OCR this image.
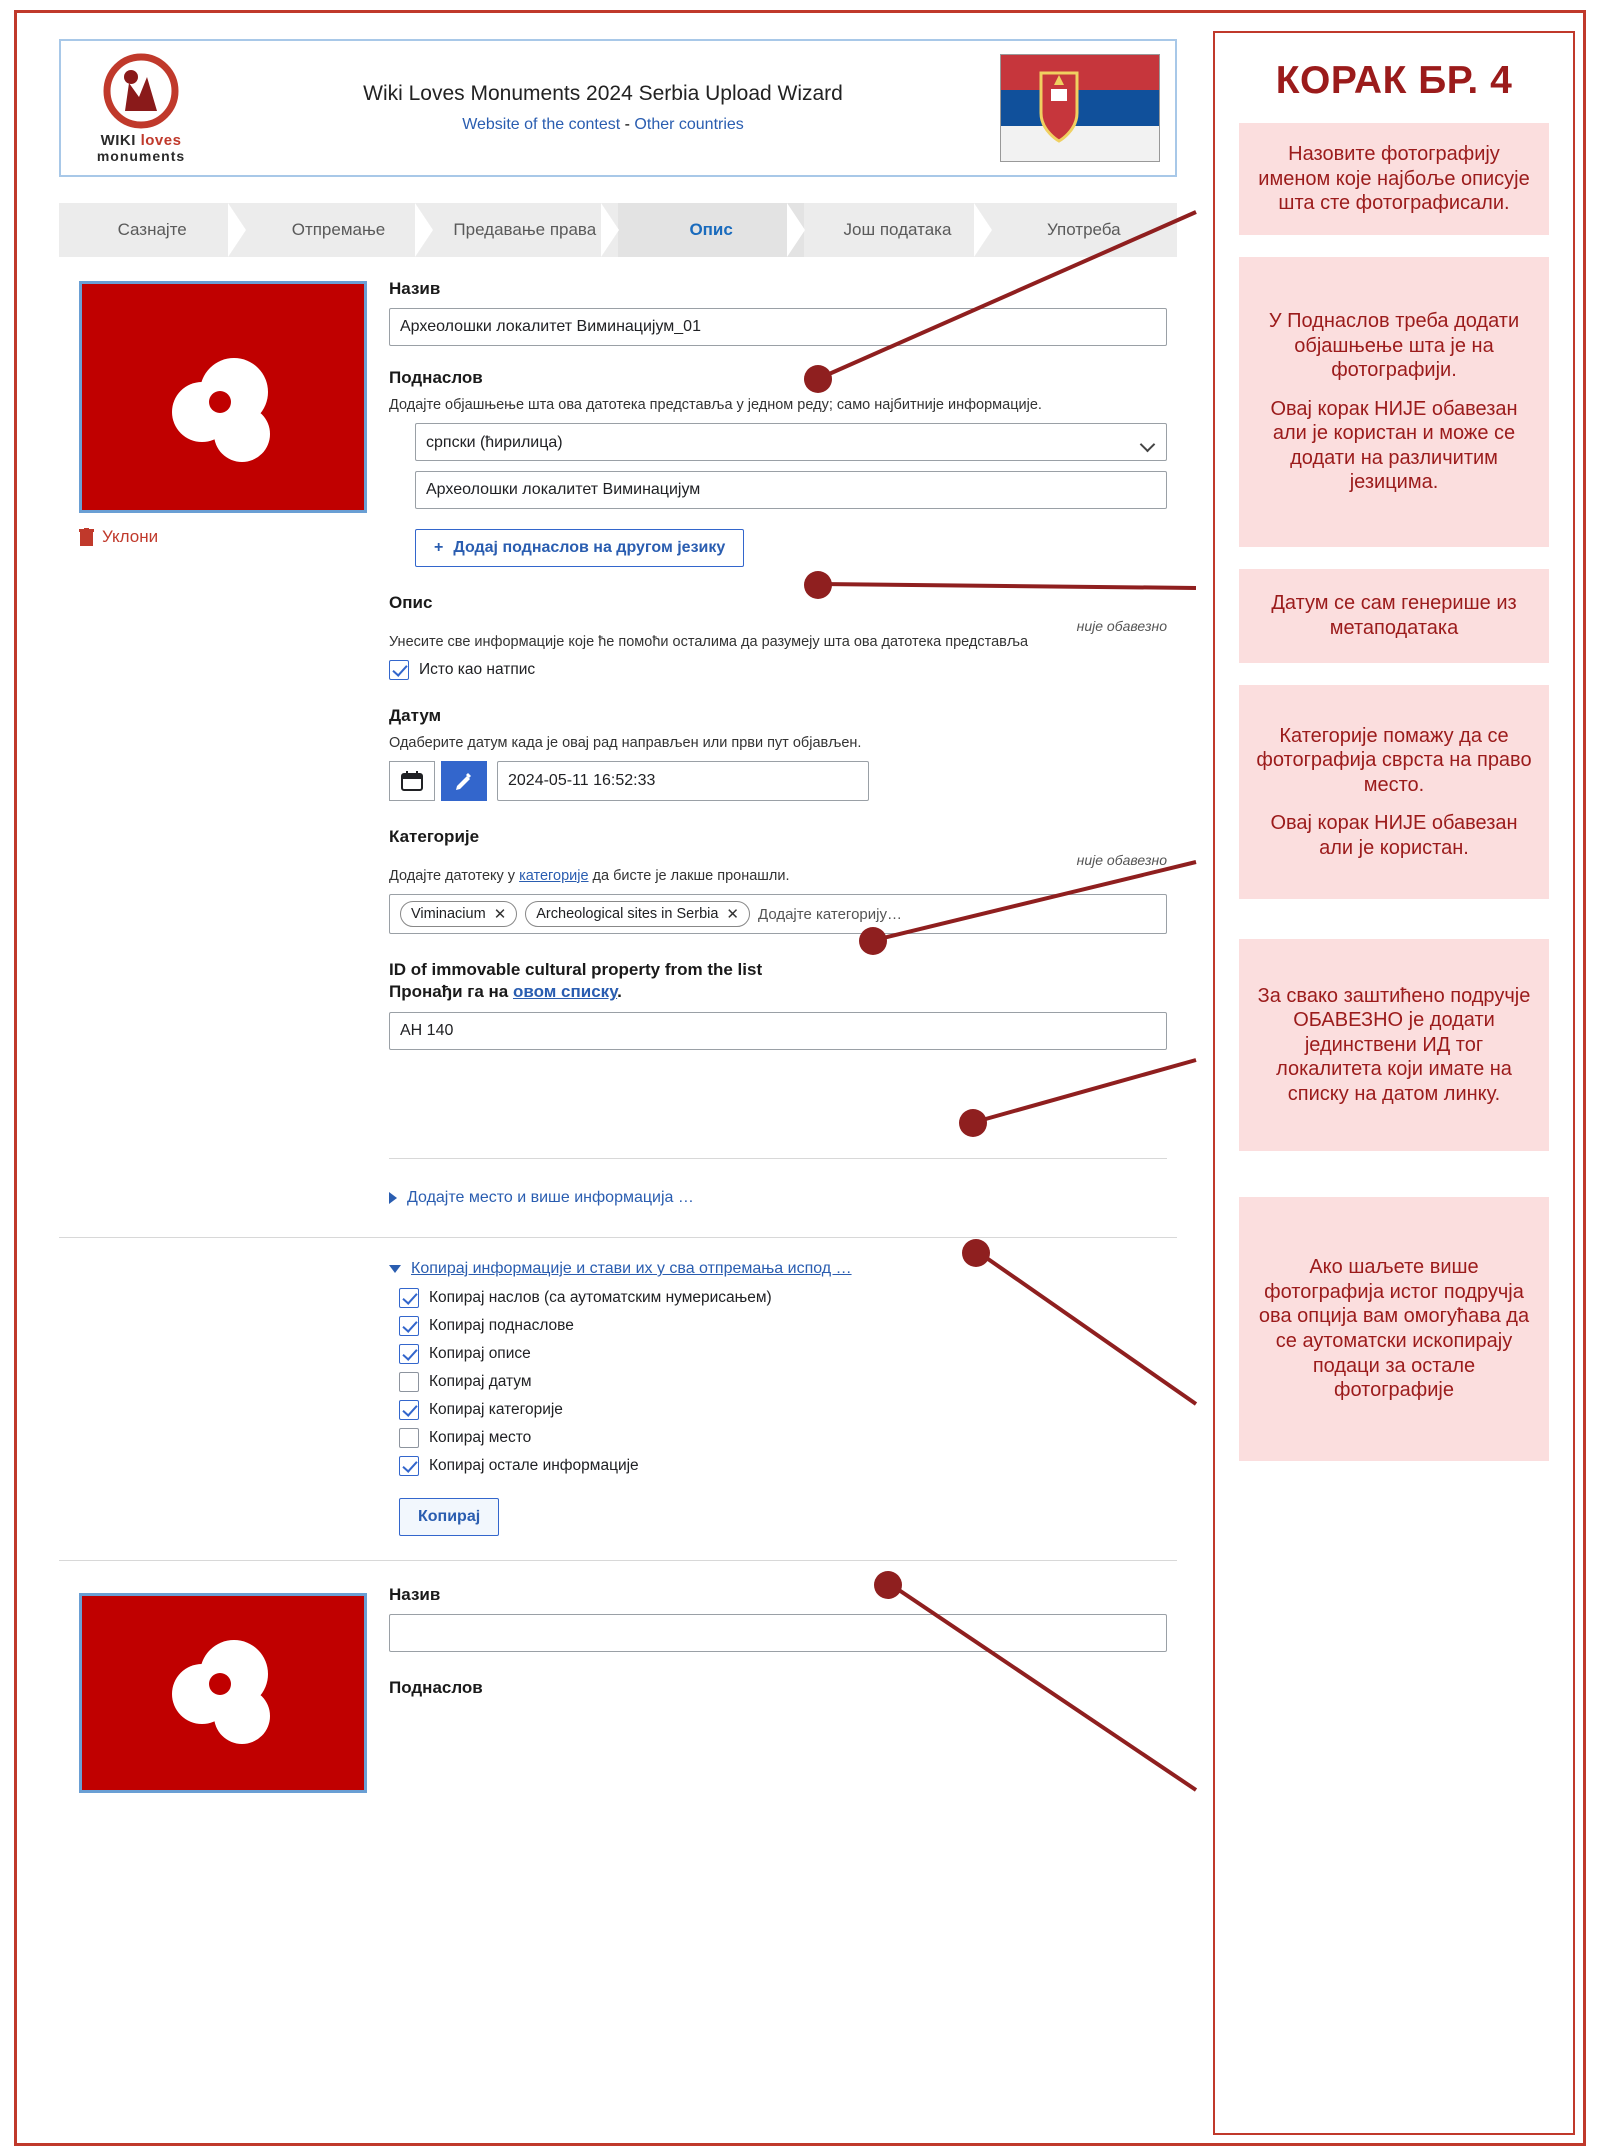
WIKI loves
monuments
Wiki Loves Monuments 2024 Serbia Upload Wizard
Website of the contest - Other countries
Сазнајте	Отпремање	Предавање права	Опис	Још података	Употреба
Уклони
Назив
Археолошки локалитет Виминацијум_01
Поднаслов
Додајте објашњење шта ова датотека представља у једном реду; само најбитније информације.
српски (ћирилица)
Археолошки локалитет Виминацијум
+ Додај поднаслов на другом језику
Опис
није обавезно
Унесите све информације које ће помоћи осталима да разумеју шта ова датотека представља
Исто као натпис
Датум
Одаберите датум када је овај рад направљен или први пут објављен.
2024-05-11 16:52:33
Категорије
није обавезно
Додајте датотеку у категорије да бисте је лакше пронашли.
Viminacium ✕ Archeological sites in Serbia ✕ Додајте категорију…
ID of immovable cultural property from the list
Пронађи га на овом списку.
АН 140
Додајте место и више информација …
Копирај информације и стави их у сва отпремања испод …
Копирај наслов (са аутоматским нумерисањем)
Копирај поднаслове
Копирај описе
Копирај датум
Копирај категорије
Копирај место
Копирај остале информације
Копирај
Назив
Поднаслов
КОРАК БР. 4

Назовите фотографију именом које најбоље описује шта сте фотографисали.

У Поднаслов треба додати објашњење шта је на фотографији.

Овај корак НИЈЕ обавезан али је користан и може се додати на различитим језицима.

Датум се сам генерише из метаподатака

Категорије помажу да се фотографија сврста на право место.

Овај корак НИЈЕ обавезан али је користан.

За свако заштићено подручје ОБАВЕЗНО је додати јединствени ИД тог локалитета који имате на списку на датом линку.

Ако шаљете више фотографија истог подручја ова опција вам омогућава да се аутоматски ископирају подаци за остале фотографије
